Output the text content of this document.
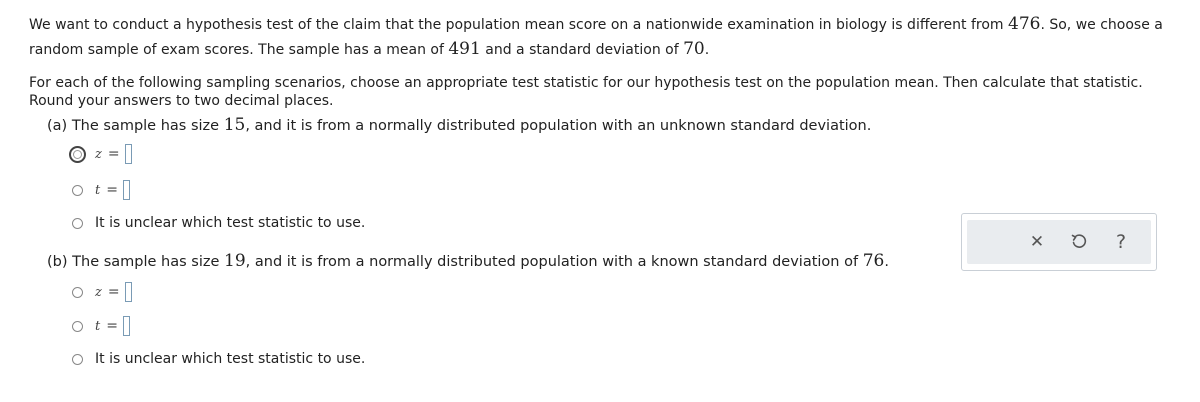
We want to conduct a hypothesis test of the claim that the population mean score on a nationwide examination in biology is different from 476. So, we choose a
random sample of exam scores. The sample has a mean of 491 and a standard deviation of 70.
For each of the following sampling scenarios, choose an appropriate test statistic for our hypothesis test on the population mean. Then calculate that statistic.
Round your answers to two decimal places.
(a) The sample has size 15, and it is from a normally distributed population with an unknown standard deviation.
z =
t =
It is unclear which test statistic to use.
(b) The sample has size 19, and it is from a normally distributed population with a known standard deviation of 76.
z =
t =
It is unclear which test statistic to use.
✕	?
